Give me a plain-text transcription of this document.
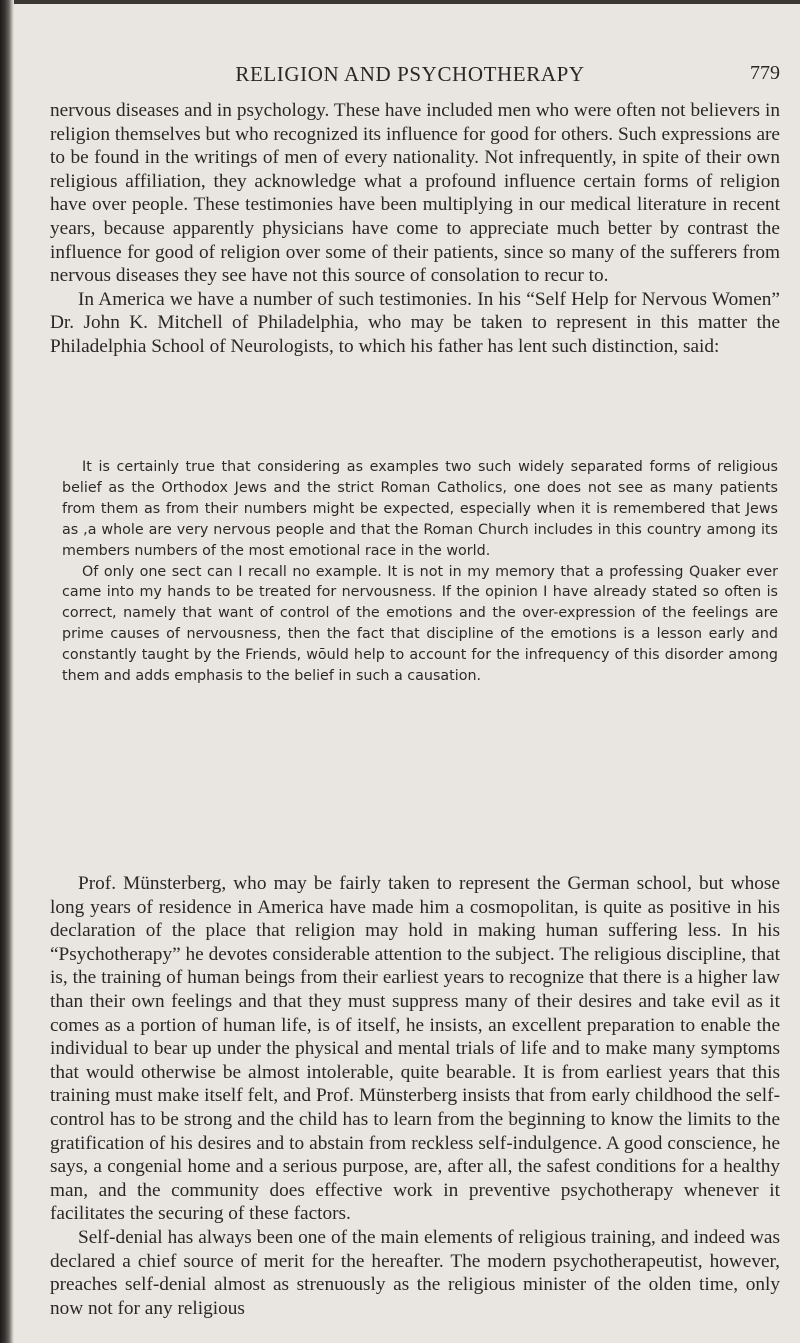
RELIGION AND PSYCHOTHERAPY	779

nervous diseases and in psychology. These have included men who were often not believers in religion themselves but who recognized its influence for good for others. Such expressions are to be found in the writings of men of every nationality. Not infrequently, in spite of their own religious affiliation, they acknowledge what a profound influence certain forms of religion have over people. These testimonies have been multiplying in our medical literature in recent years, because apparently physicians have come to appreciate much better by contrast the influence for good of religion over some of their patients, since so many of the sufferers from nervous diseases they see have not this source of consolation to recur to.

In America we have a number of such testimonies. In his “Self Help for Nervous Women” Dr. John K. Mitchell of Philadelphia, who may be taken to represent in this matter the Philadelphia School of Neurologists, to which his father has lent such distinction, said:

It is certainly true that considering as examples two such widely separated forms of religious belief as the Orthodox Jews and the strict Roman Catholics, one does not see as many patients from them as from their numbers might be expected, especially when it is remembered that Jews as ,a whole are very nervous people and that the Roman Church includes in this country among its members numbers of the most emotional race in the world.

Of only one sect can I recall no example. It is not in my memory that a professing Quaker ever came into my hands to be treated for nervousness. If the opinion I have already stated so often is correct, namely that want of control of the emotions and the over-expression of the feelings are prime causes of nervousness, then the fact that discipline of the emotions is a lesson early and constantly taught by the Friends, wōuld help to account for the infrequency of this disorder among them and adds emphasis to the belief in such a causation.

Prof. Münsterberg, who may be fairly taken to represent the German school, but whose long years of residence in America have made him a cosmopolitan, is quite as positive in his declaration of the place that religion may hold in making human suffering less. In his “Psychotherapy” he devotes considerable attention to the subject. The religious discipline, that is, the training of human beings from their earliest years to recognize that there is a higher law than their own feelings and that they must suppress many of their desires and take evil as it comes as a portion of human life, is of itself, he insists, an excellent preparation to enable the individual to bear up under the physical and mental trials of life and to make many symptoms that would otherwise be almost intolerable, quite bearable. It is from earliest years that this training must make itself felt, and Prof. Münsterberg insists that from early childhood the self-control has to be strong and the child has to learn from the beginning to know the limits to the gratification of his desires and to abstain from reckless self-indulgence. A good conscience, he says, a congenial home and a serious purpose, are, after all, the safest conditions for a healthy man, and the community does effective work in preventive psychotherapy whenever it facilitates the securing of these factors.

Self-denial has always been one of the main elements of religious training, and indeed was declared a chief source of merit for the hereafter. The modern psychotherapeutist, however, preaches self-denial almost as strenuously as the religious minister of the olden time, only now not for any religious
